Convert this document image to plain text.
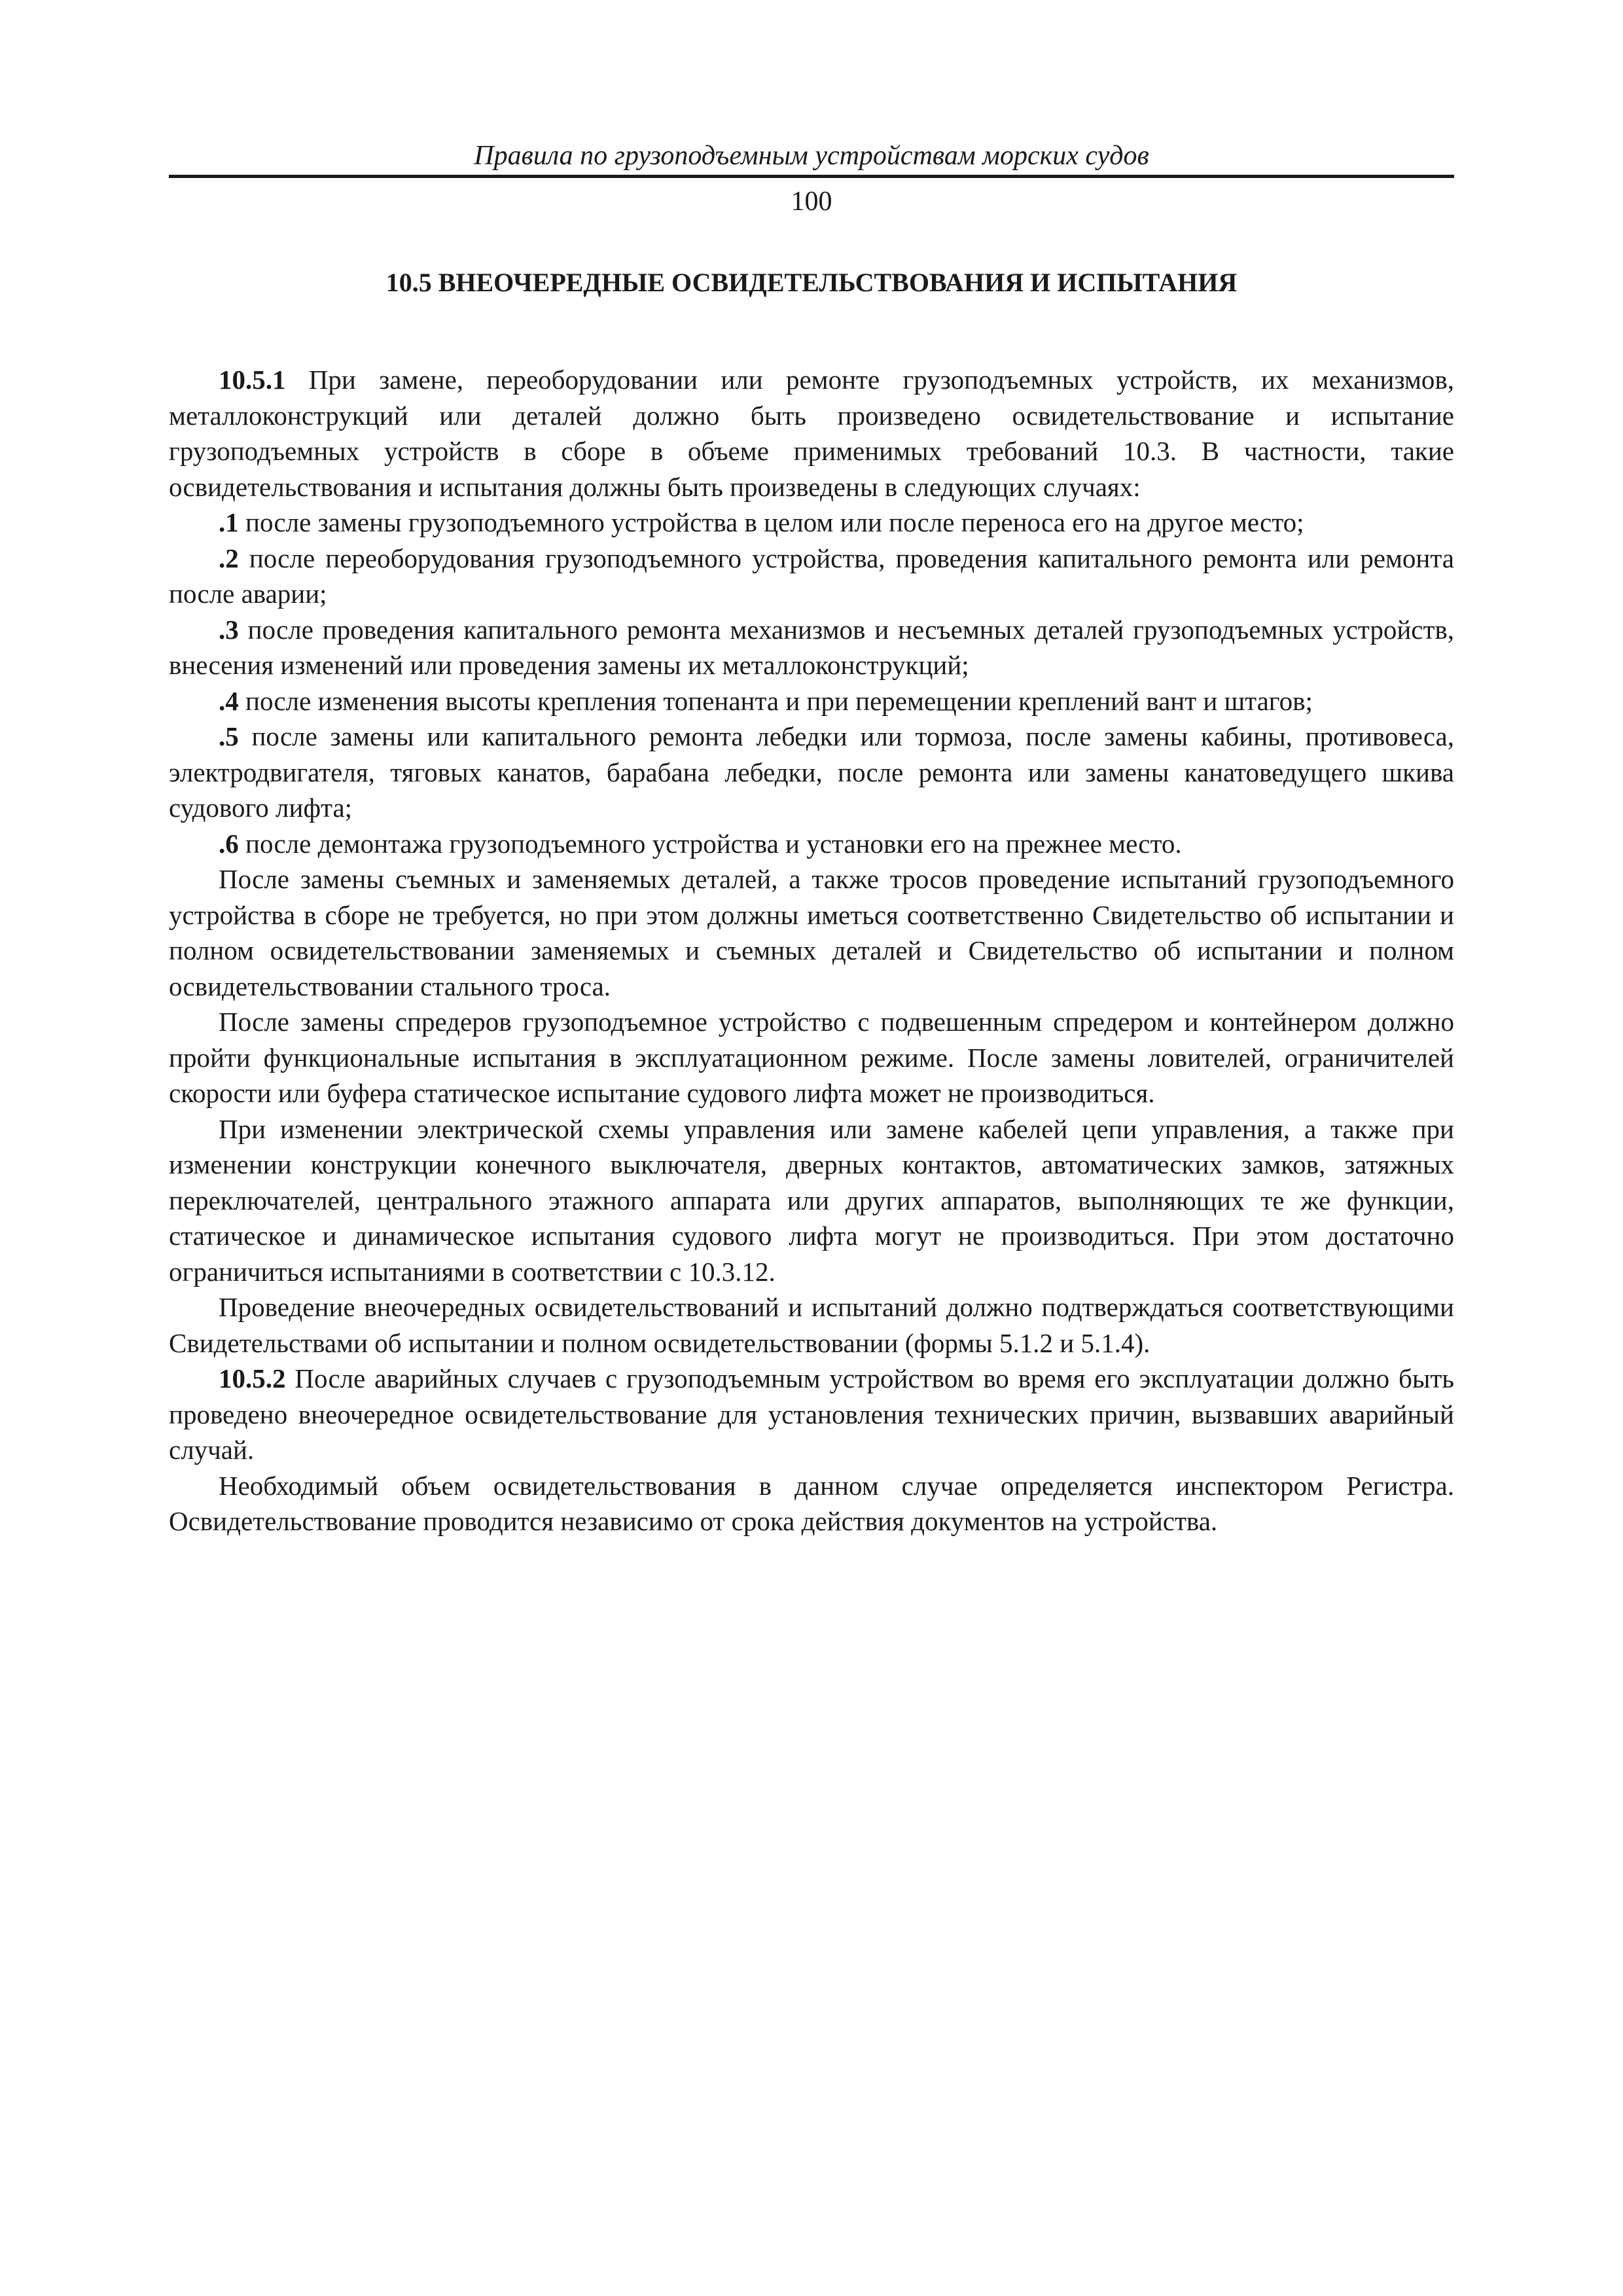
Правила по грузоподъемным устройствам морских судов
100
10.5 ВНЕОЧЕРЕДНЫЕ ОСВИДЕТЕЛЬСТВОВАНИЯ И ИСПЫТАНИЯ

10.5.1 При замене, переоборудовании или ремонте грузоподъемных устройств, их механизмов, металлоконструкций или деталей должно быть произведено освидетельствование и испытание грузоподъемных устройств в сборе в объеме применимых требований 10.3. В частности, такие освидетельствования и испытания должны быть произведены в следующих случаях:

.1 после замены грузоподъемного устройства в целом или после переноса его на другое место;

.2 после переоборудования грузоподъемного устройства, проведения капитального ремонта или ремонта после аварии;

.3 после проведения капитального ремонта механизмов и несъемных деталей грузоподъемных устройств, внесения изменений или проведения замены их металлоконструкций;

.4 после изменения высоты крепления топенанта и при перемещении креплений вант и штагов;

.5 после замены или капитального ремонта лебедки или тормоза, после замены кабины, противовеса, электродвигателя, тяговых канатов, барабана лебедки, после ремонта или замены канатоведущего шкива судового лифта;

.6 после демонтажа грузоподъемного устройства и установки его на прежнее место.

После замены съемных и заменяемых деталей, а также тросов проведение испытаний грузоподъемного устройства в сборе не требуется, но при этом должны иметься соответственно Свидетельство об испытании и полном освидетельствовании заменяемых и съемных деталей и Свидетельство об испытании и полном освидетельствовании стального троса.

После замены спредеров грузоподъемное устройство с подвешенным спредером и контейнером должно пройти функциональные испытания в эксплуатационном режиме. После замены ловителей, ограничителей скорости или буфера статическое испытание судового лифта может не производиться.

При изменении электрической схемы управления или замене кабелей цепи управления, а также при изменении конструкции конечного выключателя, дверных контактов, автоматических замков, затяжных переключателей, центрального этажного аппарата или других аппаратов, выполняющих те же функции, статическое и динамическое испытания судового лифта могут не производиться. При этом достаточно ограничиться испытаниями в соответствии с 10.3.12.

Проведение внеочередных освидетельствований и испытаний должно подтверждаться соответствующими Свидетельствами об испытании и полном освидетельствовании (формы 5.1.2 и 5.1.4).

10.5.2 После аварийных случаев с грузоподъемным устройством во время его эксплуатации должно быть проведено внеочередное освидетельствование для установления технических причин, вызвавших аварийный случай.

Необходимый объем освидетельствования в данном случае определяется инспектором Регистра. Освидетельствование проводится независимо от срока действия документов на устройства.
